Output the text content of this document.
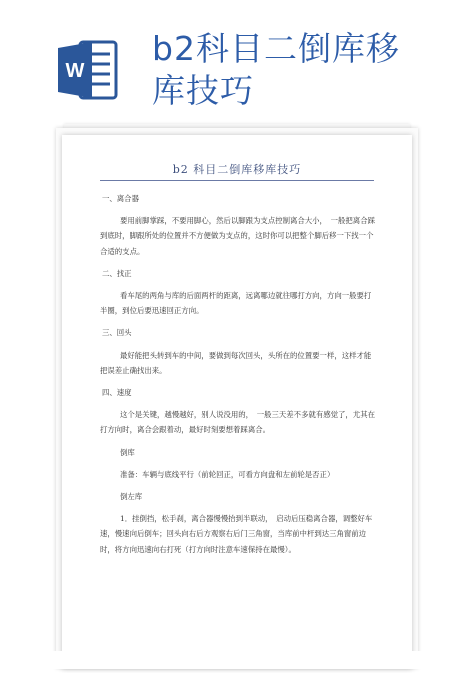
W
b2科目二倒库移
库技巧
b2 科目二倒库移库技巧

一、离合器

要用前脚掌踩，不要用脚心，然后以脚跟为支点控制离合大小，　一般把离合踩到底时，脚跟所处的位置并不方便做为支点的，这时你可以把整个脚后移一下找一个合适的支点。

二、找正

看车尾的两角与库的后面两杆的距离，远离哪边就往哪打方向，方向一般要打半圈，到位后要迅速回正方向。

三、回头

最好能把头转到车的中间，要做到每次回头，头所在的位置要一样，这样才能把误差止确找出来。

四、速度

这个是关键，越慢越好，别人说没用的，　一般三天差不多就有感觉了，尤其在打方向时，离合会跟着动，最好时刻要想着踩离合。

倒库

准备：车辆与底线平行（前轮回正，可看方向盘和左前轮是否正）

倒左库

1．挂倒挡，松手刹，离合器慢慢抬到半联动，　启动后压稳离合器，调整好车速，慢速向后倒车；回头向右后方观察右后门三角窗，当库前中杆到达三角窗前边时，将方向迅速向右打死（打方向时注意车速保持在最慢）。
